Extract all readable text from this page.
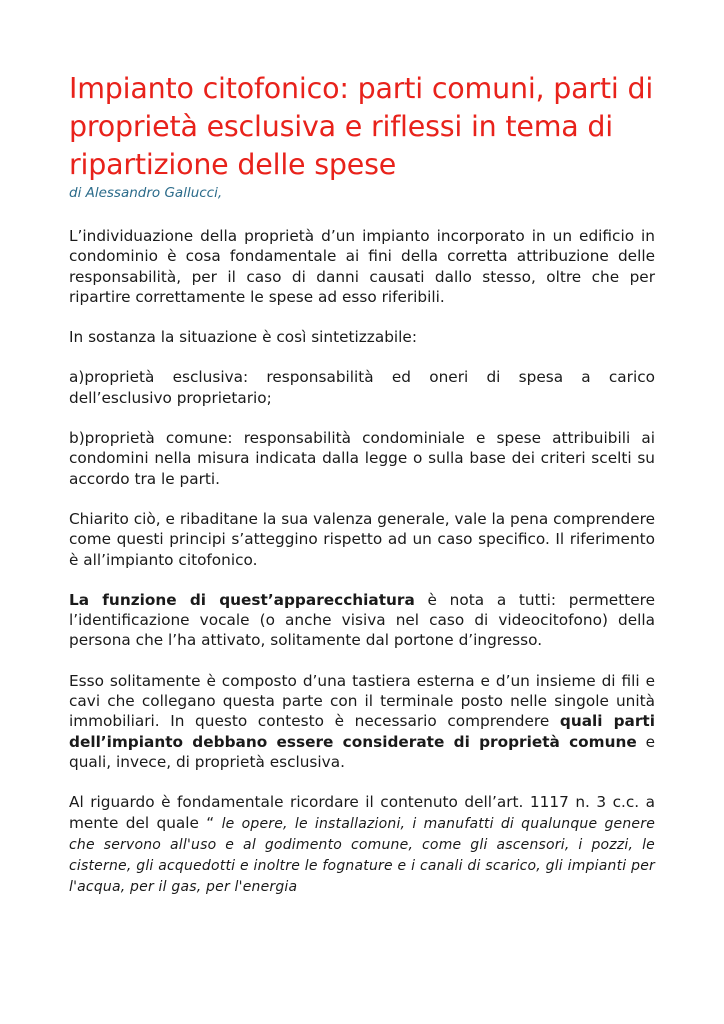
Impianto citofonico: parti comuni, parti di proprietà esclusiva e riflessi in tema di ripartizione delle spese
di Alessandro Gallucci,

L’individuazione della proprietà d’un impianto incorporato in un edificio in condominio è cosa fondamentale ai fini della corretta attribuzione delle responsabilità, per il caso di danni causati dallo stesso, oltre che per ripartire correttamente le spese ad esso riferibili.

In sostanza la situazione è così sintetizzabile:

a)proprietà esclusiva: responsabilità ed oneri di spesa a carico dell’esclusivo proprietario;

b)proprietà comune: responsabilità condominiale e spese attribuibili ai condomini nella misura indicata dalla legge o sulla base dei criteri scelti su accordo tra le parti.

Chiarito ciò, e ribaditane la sua valenza generale, vale la pena comprendere come questi principi s’atteggino rispetto ad un caso specifico. Il riferimento è all’impianto citofonico.

La funzione di quest’apparecchiatura è nota a tutti: permettere l’identificazione vocale (o anche visiva nel caso di videocitofono) della persona che l’ha attivato, solitamente dal portone d’ingresso.

Esso solitamente è composto d’una tastiera esterna e d’un insieme di fili e cavi che collegano questa parte con il terminale posto nelle singole unità immobiliari. In questo contesto è necessario comprendere quali parti dell’impianto debbano essere considerate di proprietà comune e quali, invece, di proprietà esclusiva.

Al riguardo è fondamentale ricordare il contenuto dell’art. 1117 n. 3 c.c. a mente del quale “ le opere, le installazioni, i manufatti di qualunque genere che servono all'uso e al godimento comune, come gli ascensori, i pozzi, le cisterne, gli acquedotti e inoltre le fognature e i canali di scarico, gli impianti per l'acqua, per il gas, per l'energia
